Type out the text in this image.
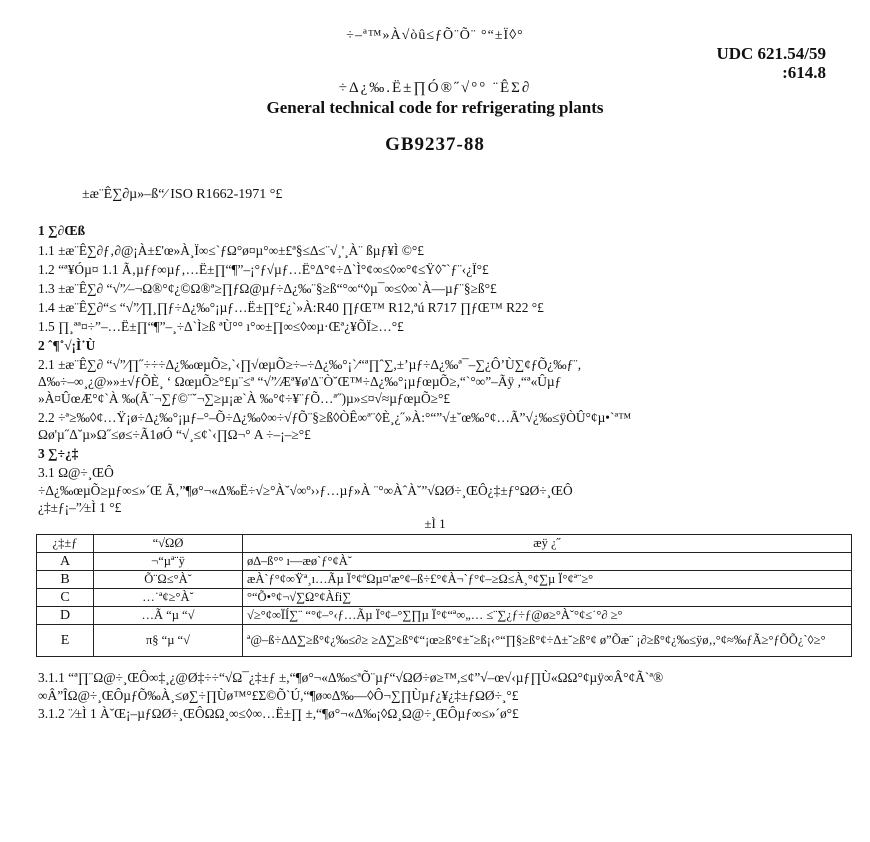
÷–ª™»À√òû≤ƒÕ¨Õ¨ °“±Ï◊°
UDC 621.54/59
:614.8
÷Δ¿‰.Ë±∏Ó®˝√°° ¨ÊΣ∂
General technical code for refrigerating plants
GB9237-88
±æ¨Ê∑∂µ»–ß“⁄ ISO R1662-1971 °£
1 ∑∂Œß
1.1 ±æ¨Ê∑∂ƒ‚∂@¡À±£'œ»À¸Ï∞≤`ƒΩ°ø¤µ°∞±£ª§≤∆≤¨√¸'¸À¨ ßµƒ¥Ì ©°£
1.2 “ª¥Óµ¤ 1.1 Ã‚µƒƒ∞µƒ‚…Ë±∏“¶”–¡°ƒ√µƒ…Ë°Δ°¢÷Δ`Ì°¢∞≤◊∞°¢≤Ÿ◊˜`ƒ¨‹¿Ï°£
1.3 ±æ¨Ê∑∂ “√”⁄–¬Ω®°¢¿©Ω®ª≥∏ƒΩ@µƒ÷Δ¿‰¨§≥ß“°∞“◊µ¯∞≤◊∞`À––µƒ¨§≥ß°£
1.4 ±æ¨Ê∑∂“≤ “√”⁄∏¸∏ƒ÷Δ¿‰°¡µƒ…Ë±∏°£¿`»À:R40 ∏ƒŒ™ R12,ªú R717 ∏ƒŒ™ R22 °£
1.5 ∏¸ªª¤÷”–…Ë±∏“¶”–¸÷Δ`Ì≥ß ªÙ°° ı°∞±∏∞≤◊∞µ·Œª¿¥ÕÏ≥…°£
2 ˆ¶˚√¡Ì˙Ù
2.1 ±æ¨Ê∑∂ “√”⁄∏˝÷÷÷Δ¿‰œµÕ≥,`‹∏√œµÕ≥÷–÷Δ¿‰°¡`⁄“ª∏ˆ∑,±’µƒ÷Δ¿‰ª¯–∑¿Ô’Ù∑¢ƒÕ¿‰ƒ¨,
Δ‰÷–∞¸¿@»»±√ƒÕÈ¸ ‘ ΩœµÕ≥°£µ¨≤ª “√”⁄Æª¥ø'Δ¨Ò˘Œ™÷Δ¿‰°¡µƒœµÕ≥,“`°∞”–Ãÿ ,“ª«Ûµƒ
»À¤ÛœÆ°¢`À ‰(Ã¨¬∑ƒ©¨˘¬∑≥µ¡æ`À ‰°¢÷¥¨ƒÕ…ª˝)µ»≤¤√≈µƒœµÕ≥°£
2.2 ÷ª≥‰◊¢…Ÿ¡ø÷Δ¿‰°¡µƒ–°–Õ÷Δ¿‰◊∞÷√ƒÕ¨§≥ß◊ÒÊ∞ª¨◊È¸¿˝»À:°“”√±˘œ‰°¢…Ã”√¿‰≤ÿÒÛ°¢µ•`ª™
Ωø'µ˝Δ˘µ»Ω˝≤ø≤÷Ã1øÓ “√¸≤¢`‹∏Ω¬° A ÷–¡–≥°£
3 ∑÷¿‡
3.1 Ω@÷¸ŒÔ
÷Δ¿‰œµÕ≥µƒ∞≤»´Œ Ã‚”¶ø°¬«Δ‰Ë÷√≥°À˘√∞º››ƒ…µƒ»À ¨°∞ÀˆÀ˘”√ΩØ÷¸ŒÔ¿‡±ƒ°ΩØ÷¸ŒÔ
¿‡±ƒ¡–”⁄±Ì 1 °£
±Ì 1
¿‡±ƒ	“√ΩØ	æÿ ¿˝
A	¬“µª¨ÿ	ø∆–ß°° ı––æø`ƒ°¢À˘
B	Õ¨Ω≤°À˘	æÀ`ƒ°¢∞Ÿª¸ı…Ãµ Ï°¢ºΩµ¤'æ°¢–ß÷£°¢À¬`ƒ°¢–≥Ω≤À¸°¢∑µ Ï°¢ª¨≥°
C	…˙ª¢≥°À˘	°“Õ•°¢¬√∑Ω°¢Àfi∑
D	…Ã “µ “√	√≥°¢∞ÏÍ∑¨ “°¢–°‹ƒ…Ãµ Ï°¢–°∑∏µ Ï°¢“ª∞„… ≤¨∑¿ƒ÷ƒ@ø≥°À˘°¢≤˙°∂ ≥°
E	π§ “µ “√	ª@–ß÷∆Δ∑≥ß°¢¿‰≤∂≥ ≥Δ∑≥ß°¢“¡œ≥ß°¢±˘≥ß¡‹°“∏§≥ß°¢÷Δ±˘≥ß°¢ ø”Õæ¨ ¡∂≥ß°¢¿‰≤ÿø‚,°¢≈‰ƒÃ≥°ƒÕÕ¿`◊≥°
3.1.1 “ª∏¨Ω@÷¸ŒÔ∞‡¸¿@Ø‡÷÷“√Ω¯¿‡±ƒ ±,“¶ø°¬«Δ‰≤ªÕ¨µƒ“√ΩØ÷ø≥™,≤¢”√–œ√‹µƒ∏Ù«ΩΩ°¢µÿ∞Â°¢Ã`ª®
∞Â”ÎΩ@÷¸ŒÔµƒÕ‰À¸≤ø∑÷∏Ùø™°£Σ©Õ`Ú,“¶ø∞Δ‰––◊Ô¬∑∏Ùµƒ¿¥¿‡±ƒΩØ÷¸°£
3.1.2 ¨⁄±Ì 1 ÀˇŒ¡–µƒΩØ÷¸ŒÔΩΩ¸∞≤◊∞…Ë±∏ ±,“¶ø°¬«Δ‰¡◊Ω¸Ω@÷¸ŒÔµƒ∞≤»´ø°£
